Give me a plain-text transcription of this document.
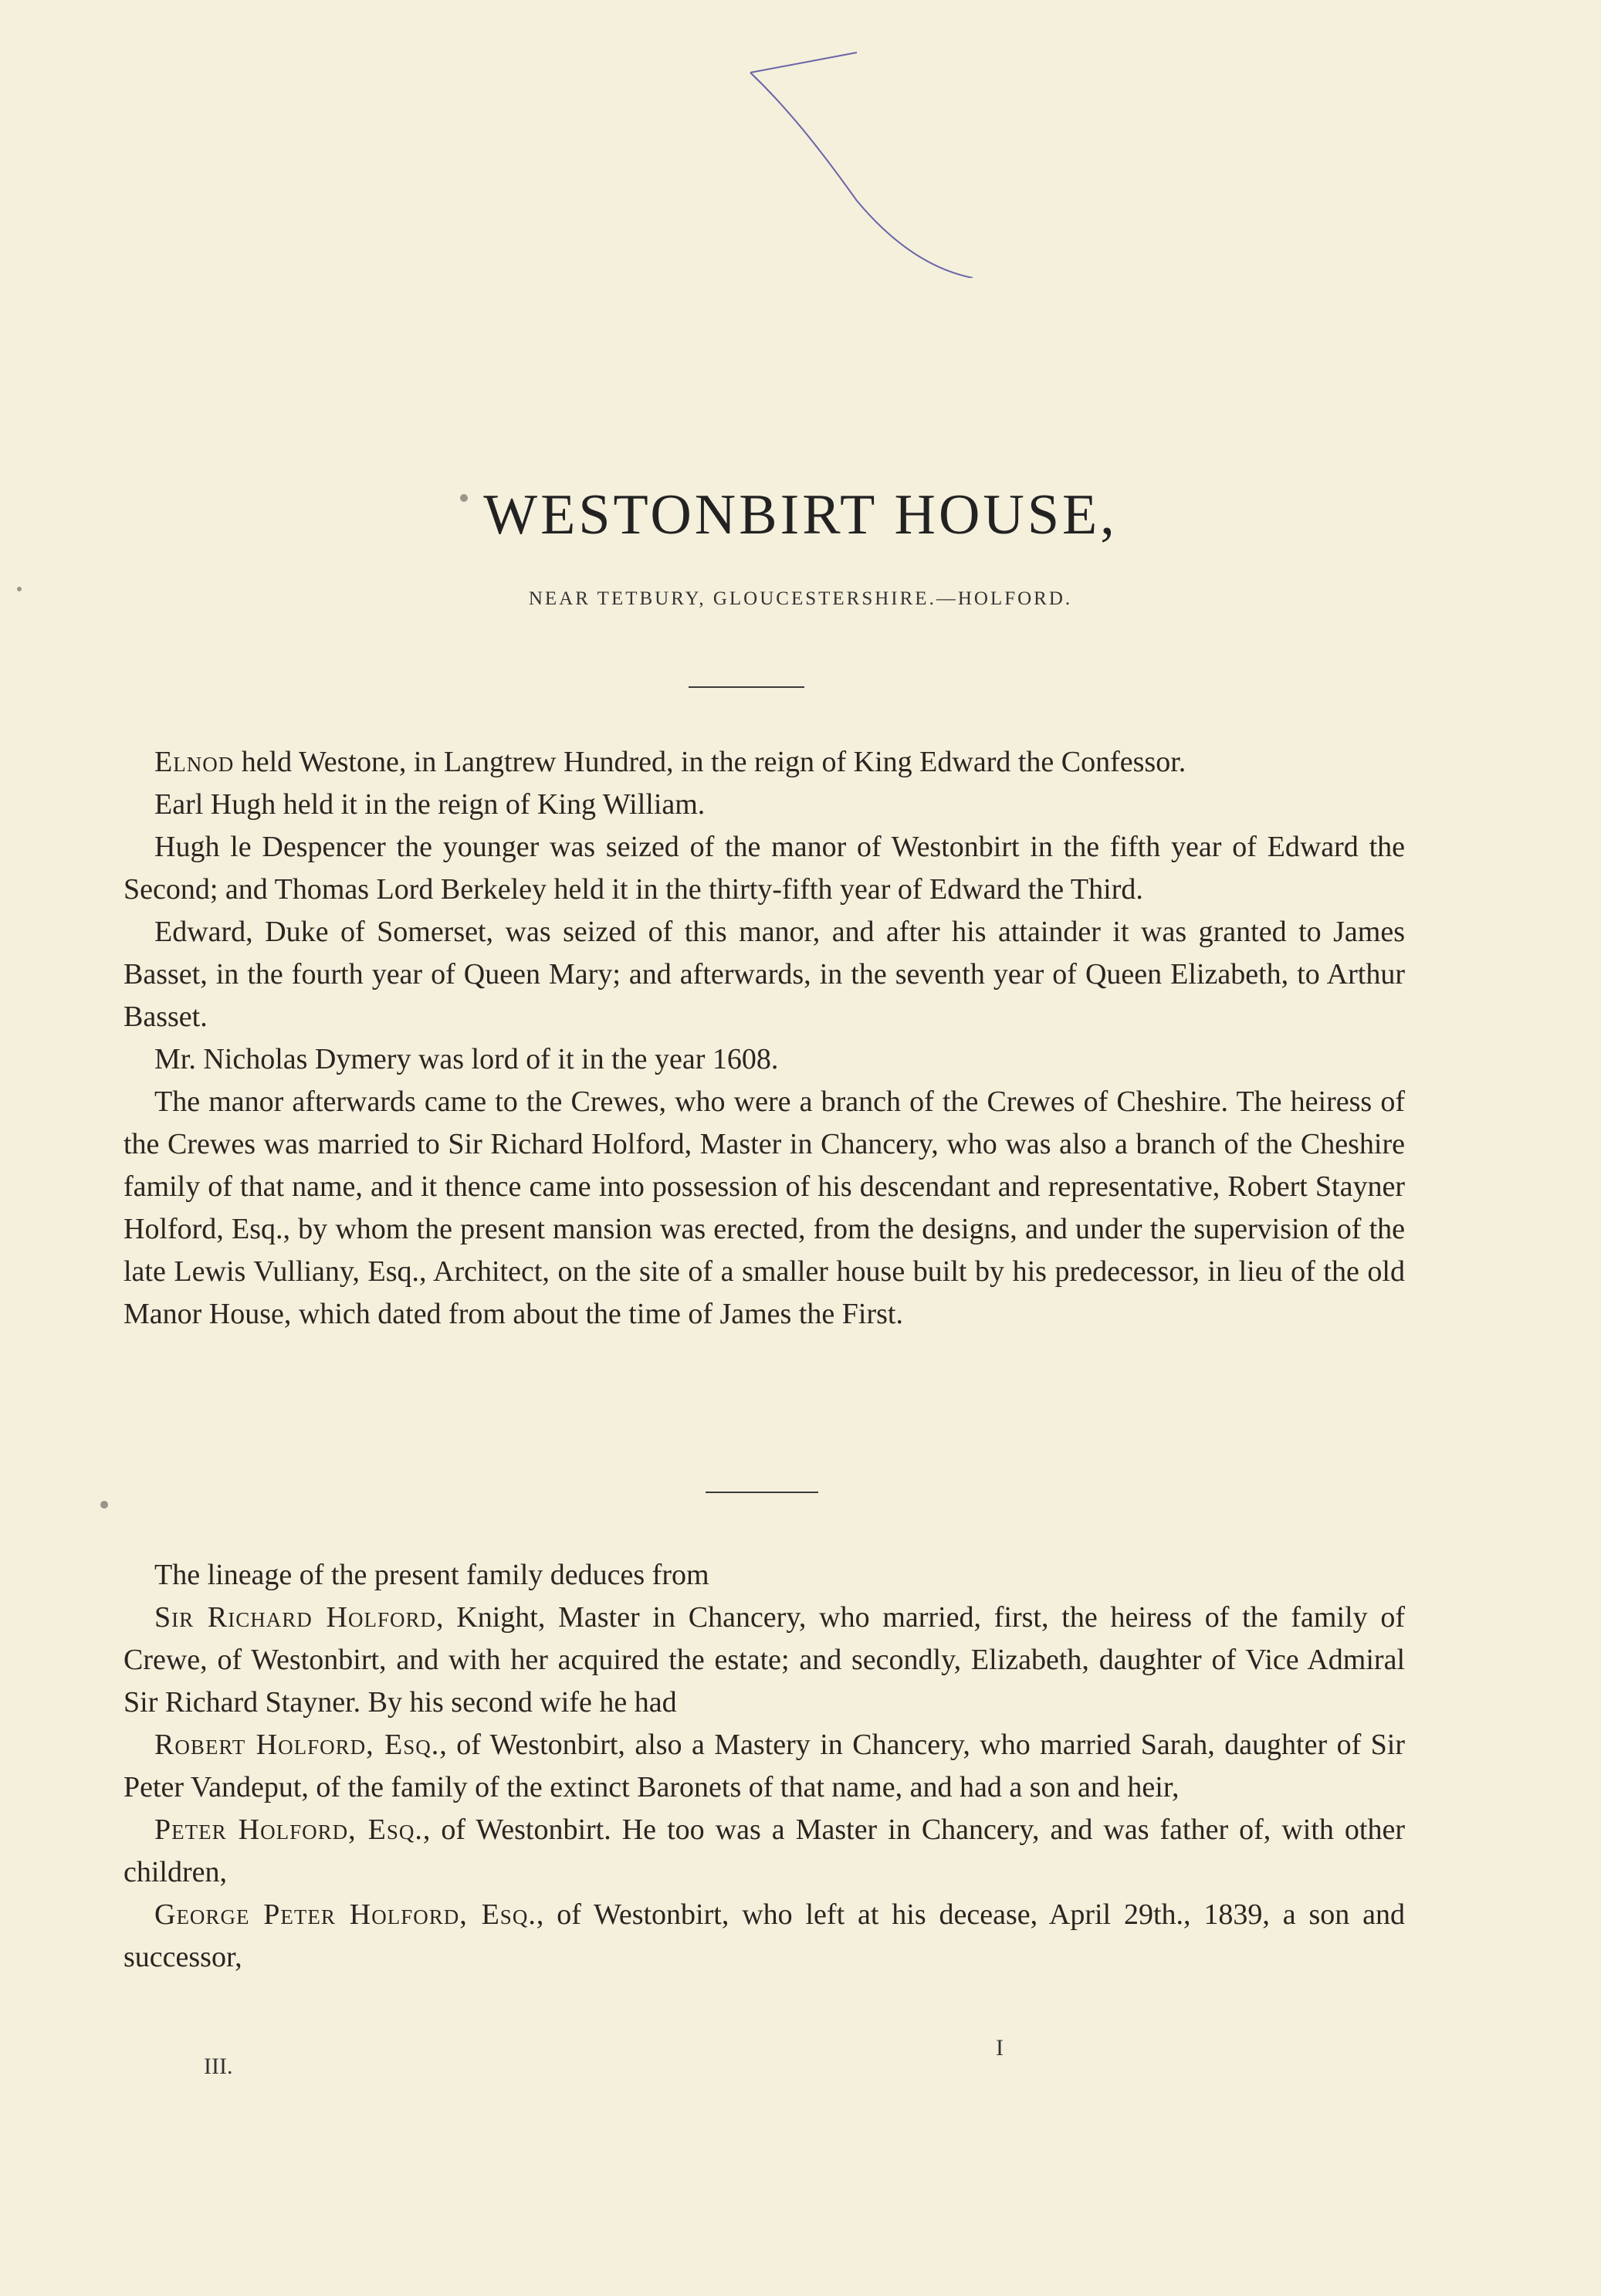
WESTONBIRT HOUSE,
NEAR TETBURY, GLOUCESTERSHIRE.—HOLFORD.

Elnod held Westone, in Langtrew Hundred, in the reign of King Edward the Confessor.

Earl Hugh held it in the reign of King William.

Hugh le Despencer the younger was seized of the manor of Westonbirt in the fifth year of Edward the Second; and Thomas Lord Berkeley held it in the thirty-fifth year of Edward the Third.

Edward, Duke of Somerset, was seized of this manor, and after his attainder it was granted to James Basset, in the fourth year of Queen Mary; and afterwards, in the seventh year of Queen Elizabeth, to Arthur Basset.

Mr. Nicholas Dymery was lord of it in the year 1608.

The manor afterwards came to the Crewes, who were a branch of the Crewes of Cheshire. The heiress of the Crewes was married to Sir Richard Holford, Master in Chancery, who was also a branch of the Cheshire family of that name, and it thence came into possession of his descendant and representative, Robert Stayner Holford, Esq., by whom the present mansion was erected, from the designs, and under the supervision of the late Lewis Vulliany, Esq., Architect, on the site of a smaller house built by his predecessor, in lieu of the old Manor House, which dated from about the time of James the First.

The lineage of the present family deduces from

Sir Richard Holford, Knight, Master in Chancery, who married, first, the heiress of the family of Crewe, of Westonbirt, and with her acquired the estate; and secondly, Elizabeth, daughter of Vice Admiral Sir Richard Stayner. By his second wife he had

Robert Holford, Esq., of Westonbirt, also a Mastery in Chancery, who married Sarah, daughter of Sir Peter Vandeput, of the family of the extinct Baronets of that name, and had a son and heir,

Peter Holford, Esq., of Westonbirt. He too was a Master in Chancery, and was father of, with other children,

George Peter Holford, Esq., of Westonbirt, who left at his decease, April 29th., 1839, a son and successor,

III.
I
